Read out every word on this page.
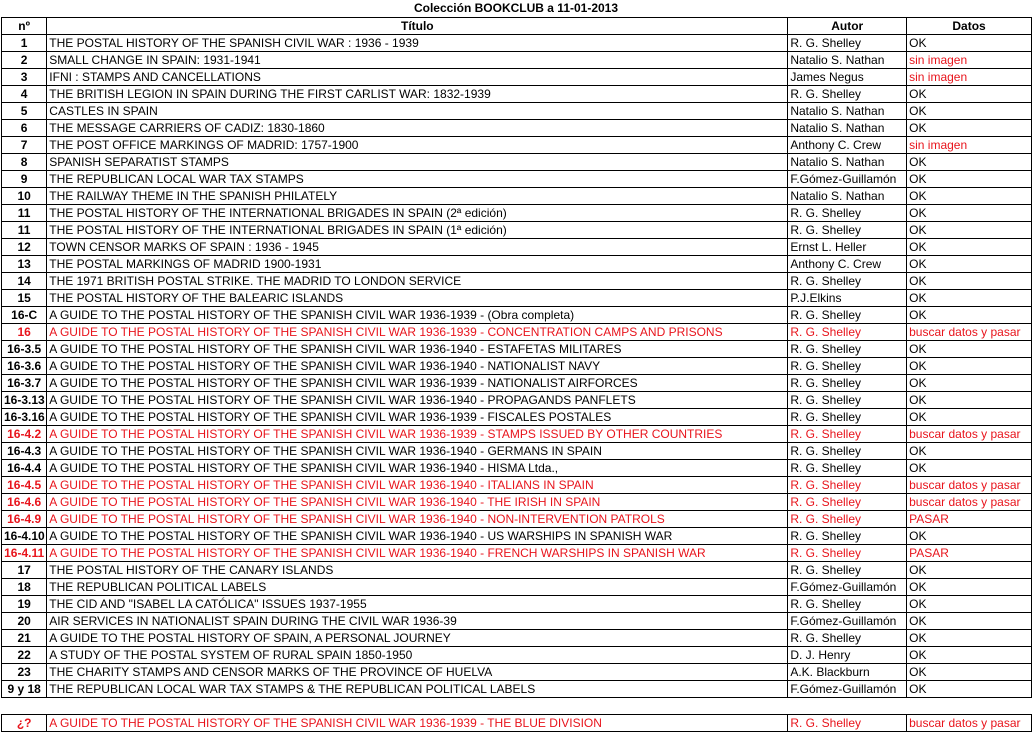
Colección BOOKCLUB a 11-01-2013
nº	Título	Autor	Datos
1	THE POSTAL HISTORY OF THE SPANISH CIVIL WAR : 1936 - 1939	R. G. Shelley	OK
2	SMALL CHANGE IN SPAIN: 1931-1941	Natalio S. Nathan	sin imagen
3	IFNI : STAMPS AND CANCELLATIONS	James Negus	sin imagen
4	THE BRITISH LEGION IN SPAIN DURING THE FIRST CARLIST WAR: 1832-1939	R. G. Shelley	OK
5	CASTLES IN SPAIN	Natalio S. Nathan	OK
6	THE MESSAGE CARRIERS OF CADIZ: 1830-1860	Natalio S. Nathan	OK
7	THE POST OFFICE MARKINGS OF MADRID: 1757-1900	Anthony C. Crew	sin imagen
8	SPANISH SEPARATIST STAMPS	Natalio S. Nathan	OK
9	THE REPUBLICAN LOCAL WAR TAX STAMPS	F.Gómez-Guillamón	OK
10	THE RAILWAY THEME IN THE SPANISH PHILATELY	Natalio S. Nathan	OK
11	THE POSTAL HISTORY OF THE INTERNATIONAL BRIGADES IN SPAIN (2ª edición)	R. G. Shelley	OK
11	THE POSTAL HISTORY OF THE INTERNATIONAL BRIGADES IN SPAIN (1ª edición)	R. G. Shelley	OK
12	TOWN CENSOR MARKS OF SPAIN : 1936 - 1945	Ernst L. Heller	OK
13	THE POSTAL MARKINGS OF MADRID 1900-1931	Anthony C. Crew	OK
14	THE 1971 BRITISH POSTAL STRIKE. THE MADRID TO LONDON SERVICE	R. G. Shelley	OK
15	THE POSTAL HISTORY OF THE BALEARIC ISLANDS	P.J.Elkins	OK
16-C	A GUIDE TO THE POSTAL HISTORY OF THE SPANISH CIVIL WAR 1936-1939 - (Obra completa)	R. G. Shelley	OK
16	A GUIDE TO THE POSTAL HISTORY OF THE SPANISH CIVIL WAR 1936-1939 - CONCENTRATION CAMPS AND PRISONS	R. G. Shelley	buscar datos y pasar
16-3.5	A GUIDE TO THE POSTAL HISTORY OF THE SPANISH CIVIL WAR 1936-1940 - ESTAFETAS MILITARES	R. G. Shelley	OK
16-3.6	A GUIDE TO THE POSTAL HISTORY OF THE SPANISH CIVIL WAR 1936-1940 - NATIONALIST NAVY	R. G. Shelley	OK
16-3.7	A GUIDE TO THE POSTAL HISTORY OF THE SPANISH CIVIL WAR 1936-1939 - NATIONALIST AIRFORCES	R. G. Shelley	OK
16-3.13	A GUIDE TO THE POSTAL HISTORY OF THE SPANISH CIVIL WAR 1936-1940 - PROPAGANDS PANFLETS	R. G. Shelley	OK
16-3.16	A GUIDE TO THE POSTAL HISTORY OF THE SPANISH CIVIL WAR 1936-1939 - FISCALES POSTALES	R. G. Shelley	OK
16-4.2	A GUIDE TO THE POSTAL HISTORY OF THE SPANISH CIVIL WAR 1936-1939 - STAMPS ISSUED BY OTHER COUNTRIES	R. G. Shelley	buscar datos y pasar
16-4.3	A GUIDE TO THE POSTAL HISTORY OF THE SPANISH CIVIL WAR 1936-1940 - GERMANS IN SPAIN	R. G. Shelley	OK
16-4.4	A GUIDE TO THE POSTAL HISTORY OF THE SPANISH CIVIL WAR 1936-1940 - HISMA Ltda.,	R. G. Shelley	OK
16-4.5	A GUIDE TO THE POSTAL HISTORY OF THE SPANISH CIVIL WAR 1936-1940 - ITALIANS IN SPAIN	R. G. Shelley	buscar datos y pasar
16-4.6	A GUIDE TO THE POSTAL HISTORY OF THE SPANISH CIVIL WAR 1936-1940 - THE IRISH IN SPAIN	R. G. Shelley	buscar datos y pasar
16-4.9	A GUIDE TO THE POSTAL HISTORY OF THE SPANISH CIVIL WAR 1936-1940 - NON-INTERVENTION PATROLS	R. G. Shelley	PASAR
16-4.10	A GUIDE TO THE POSTAL HISTORY OF THE SPANISH CIVIL WAR 1936-1940 - US WARSHIPS IN SPANISH WAR	R. G. Shelley	OK
16-4.11	A GUIDE TO THE POSTAL HISTORY OF THE SPANISH CIVIL WAR 1936-1940 - FRENCH WARSHIPS IN SPANISH WAR	R. G. Shelley	PASAR
17	THE POSTAL HISTORY OF THE CANARY ISLANDS	R. G. Shelley	OK
18	THE REPUBLICAN POLITICAL LABELS	F.Gómez-Guillamón	OK
19	THE CID AND "ISABEL LA CATÓLICA" ISSUES 1937-1955	R. G. Shelley	OK
20	AIR SERVICES IN NATIONALIST SPAIN DURING THE CIVIL WAR 1936-39	F.Gómez-Guillamón	OK
21	A GUIDE TO THE POSTAL HISTORY OF SPAIN, A PERSONAL JOURNEY	R. G. Shelley	OK
22	A STUDY OF THE POSTAL SYSTEM OF RURAL SPAIN 1850-1950	D. J. Henry	OK
23	THE CHARITY STAMPS AND CENSOR MARKS OF THE PROVINCE OF HUELVA	A.K. Blackburn	OK
9 y 18	THE REPUBLICAN LOCAL WAR TAX STAMPS & THE REPUBLICAN POLITICAL LABELS	F.Gómez-Guillamón	OK

¿?	A GUIDE TO THE POSTAL HISTORY OF THE SPANISH CIVIL WAR 1936-1939 - THE BLUE DIVISION	R. G. Shelley	buscar datos y pasar
